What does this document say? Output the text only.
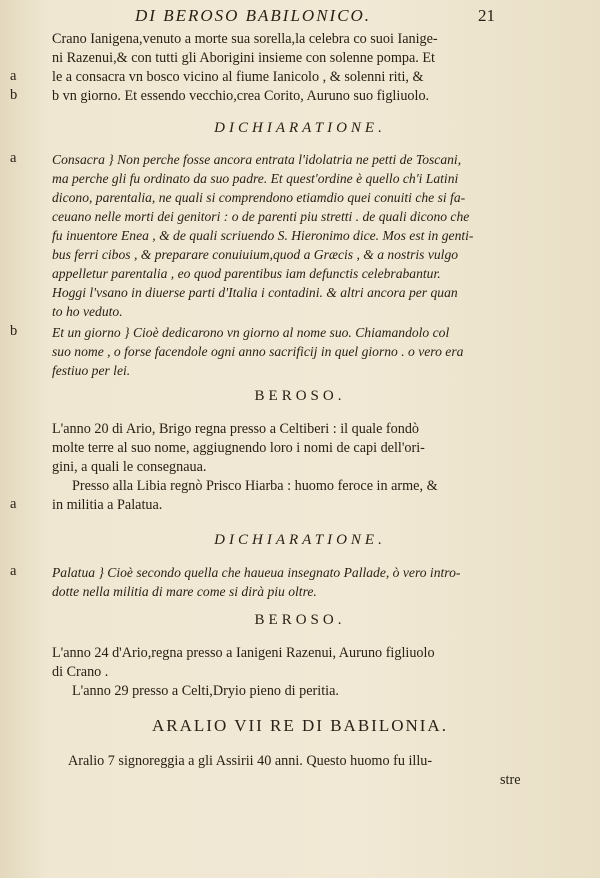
DI BEROSO BABILONICO.	21
Crano Ianigena,venuto a morte sua sorella,la celebra co suoi Ianige-
ni Razenui,& con tutti gli Aborigini insieme con solenne pompa. Et
a	le a consacra vn bosco vicino al fiume Ianicolo , & solenni riti, &
b b vn giorno. Et essendo vecchio,crea Corito, Auruno suo figliuolo.
DICHIARATIONE.
a	Consacra } Non perche fosse ancora entrata l'idolatria ne petti de Toscani,
ma perche gli fu ordinato da suo padre. Et quest'ordine è quello ch'i Latini
dicono, parentalia, ne quali si comprendono etiamdio quei conuiti che si fa-
ceuano nelle morti dei genitori : o de parenti piu stretti . de quali dicono che
fu inuentore Enea , & de quali scriuendo S. Hieronimo dice. Mos est in genti-
bus ferri cibos , & preparare conuiuium,quod a Græcis , & a nostris vulgo
appelletur parentalia , eo quod parentibus iam defunctis celebrabantur.
Hoggi l'vsano in diuerse parti d'Italia i contadini. & altri ancora per quan
to ho veduto.
b	Et un giorno } Cioè dedicarono vn giorno al nome suo. Chiamandolo col
suo nome , o forse facendole ogni anno sacrificij in quel giorno . o vero era
festiuo per lei.
BEROSO.
L'anno 20 di Ario, Brigo regna presso a Celtiberi : il quale fondò
molte terre al suo nome, aggiugnendo loro i nomi de capi dell'ori-
gini, a quali le consegnaua.
Presso alla Libia regnò Prisco Hiarba : huomo feroce in arme, &
a	in militia a Palatua.
DICHIARATIONE.
a	Palatua } Cioè secondo quella che haueua insegnato Pallade, ò vero intro-
dotte nella militia di mare come si dirà piu oltre.
BEROSO.
L'anno 24 d'Ario,regna presso a Ianigeni Razenui, Auruno figliuolo
di Crano .
L'anno 29 presso a Celti,Dryio pieno di peritia.
ARALIO VII RE DI BABILONIA.
Aralio 7 signoreggia a gli Assirii 40 anni. Questo huomo fu illu-
stre
